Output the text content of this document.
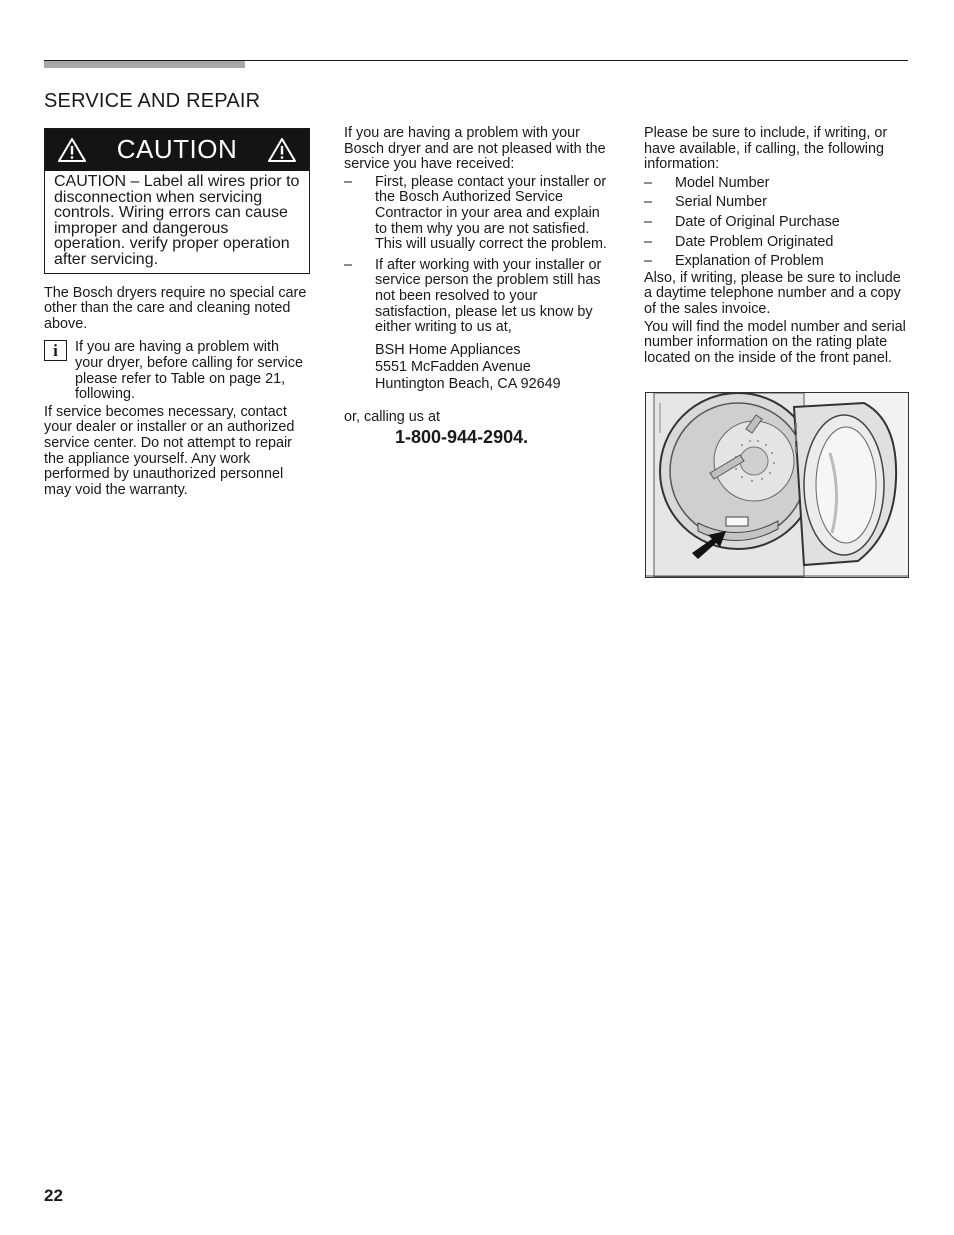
SERVICE AND REPAIR
CAUTION
CAUTION – Label all wires prior to disconnection when servicing controls. Wiring errors can cause improper and dangerous operation. verify proper operation after servicing.

The Bosch dryers require no special care other than the care and cleaning noted above.

i	If you are having a problem with your dryer, before calling for service please refer to Table on page 21, following.

If service becomes necessary, contact your dealer or installer or an authorized service center. Do not attempt to repair the appliance yourself. Any work performed by unauthorized personnel may void the warranty.

If you are having a problem with your Bosch dryer and are not pleased with the service you have received:

–	First, please contact your installer or the Bosch Authorized Service Contractor in your area and explain to them why you are not satisfied. This will usually correct the problem.
–	If after working with your installer or service person the problem still has not been resolved to your satisfaction, please let us know by either writing to us at,
BSH Home Appliances
5551 McFadden Avenue
Huntington Beach, CA 92649

or, calling us at

1-800-944-2904.

Please be sure to include, if writing, or have available, if calling, the following information:

–	Model Number
–	Serial Number
–	Date of Original Purchase
–	Date Problem Originated
–	Explanation of Problem

Also, if writing, please be sure to include a daytime telephone number and a copy of the sales invoice.

You will find the model number and serial number information on the rating plate located on the inside of the front panel.

22
